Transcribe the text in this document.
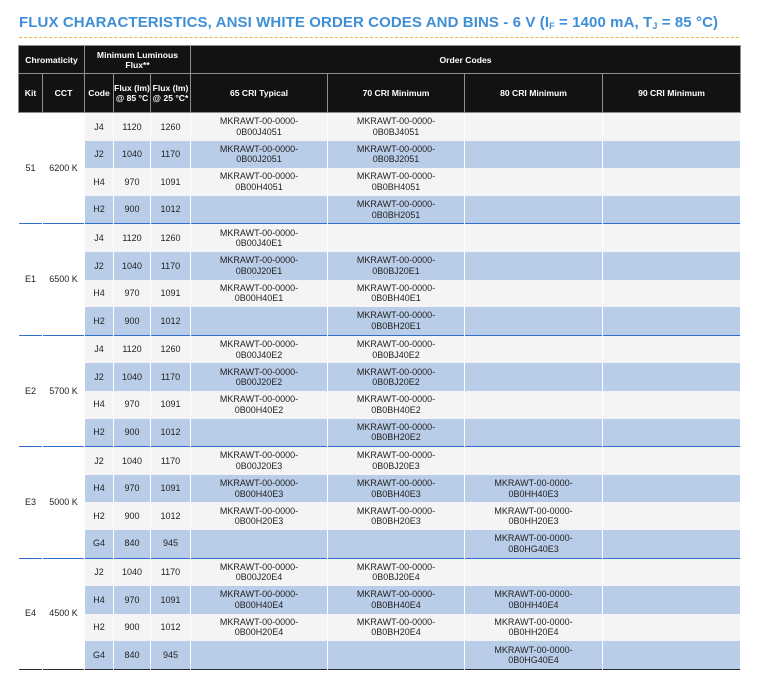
FLUX CHARACTERISTICS, ANSI WHITE ORDER CODES AND BINS - 6 V ($I_F = 1400$ mA, $T_J = 85$ °C)
Chromaticity		Minimum Luminous Flux**			Order Codes			
Kit	CCT	Code	Flux (lm) @ 85 °C	Flux (lm) @ 25 °C*	65 CRI Typical	70 CRI Minimum	80 CRI Minimum	90 CRI Minimum
51	6200 K	J4	1120	1260	MKRAWT-00-0000-
0B00J4051	MKRAWT-00-0000-
0B0BJ4051		

		J2	1040	1170	MKRAWT-00-0000-
0B00J2051	MKRAWT-00-0000-
0B0BJ2051		

		H4	970	1091	MKRAWT-00-0000-
0B00H4051	MKRAWT-00-0000-
0B0BH4051		

		H2	900	1012		MKRAWT-00-0000-
0B0BH2051		

E1	6500 K	J4	1120	1260	MKRAWT-00-0000-
0B00J40E1			

		J2	1040	1170	MKRAWT-00-0000-
0B00J20E1	MKRAWT-00-0000-
0B0BJ20E1		

		H4	970	1091	MKRAWT-00-0000-
0B00H40E1	MKRAWT-00-0000-
0B0BH40E1		

		H2	900	1012		MKRAWT-00-0000-
0B0BH20E1		

E2	5700 K	J4	1120	1260	MKRAWT-00-0000-
0B00J40E2	MKRAWT-00-0000-
0B0BJ40E2		

		J2	1040	1170	MKRAWT-00-0000-
0B00J20E2	MKRAWT-00-0000-
0B0BJ20E2		

		H4	970	1091	MKRAWT-00-0000-
0B00H40E2	MKRAWT-00-0000-
0B0BH40E2		

		H2	900	1012		MKRAWT-00-0000-
0B0BH20E2		

E3	5000 K	J2	1040	1170	MKRAWT-00-0000-
0B00J20E3	MKRAWT-00-0000-
0B0BJ20E3		

		H4	970	1091	MKRAWT-00-0000-
0B00H40E3	MKRAWT-00-0000-
0B0BH40E3	MKRAWT-00-0000-
0B0HH40E3	

		H2	900	1012	MKRAWT-00-0000-
0B00H20E3	MKRAWT-00-0000-
0B0BH20E3	MKRAWT-00-0000-
0B0HH20E3	

		G4	840	945			MKRAWT-00-0000-
0B0HG40E3	

E4	4500 K	J2	1040	1170	MKRAWT-00-0000-
0B00J20E4	MKRAWT-00-0000-
0B0BJ20E4		

		H4	970	1091	MKRAWT-00-0000-
0B00H40E4	MKRAWT-00-0000-
0B0BH40E4	MKRAWT-00-0000-
0B0HH40E4	

		H2	900	1012	MKRAWT-00-0000-
0B00H20E4	MKRAWT-00-0000-
0B0BH20E4	MKRAWT-00-0000-
0B0HH20E4	

		G4	840	945			MKRAWT-00-0000-
0B0HG40E4	
